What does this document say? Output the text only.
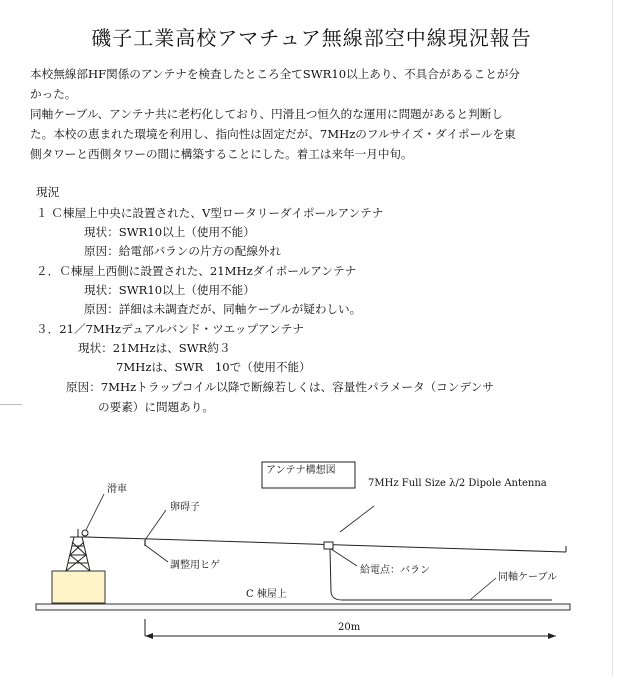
磯子工業高校アマチュア無線部空中線現況報告
本校無線部HF関係のアンテナを検査したところ全てSWR10以上あり、不具合があることが分
かった。
同軸ケーブル、アンテナ共に老朽化しており、円滑且つ恒久的な運用に問題があると判断し
た。本校の恵まれた環境を利用し、指向性は固定だが、7MHzのフルサイズ・ダイポールを東
側タワーと西側タワーの間に構築することにした。着工は来年一月中旬。
現況
１ Ｃ棟屋上中央に設置された、V型ロータリーダイポールアンテナ
現状：SWR10以上（使用不能）
原因：給電部バランの片方の配線外れ
２．Ｃ棟屋上西側に設置された、21MHzダイポールアンテナ
現状：SWR10以上（使用不能）
原因：詳細は未調査だが、同軸ケーブルが疑わしい。
３．21／7MHzデュアルバンド・ツエップアンテナ
現状：21MHzは、SWR約３
7MHzは、SWR　10で（使用不能）
原因：7MHzトラップコイル以降で断線若しくは、容量性パラメータ（コンデンサ
の要素）に問題あり。
アンテナ構想図
7MHz Full Size λ/2 Dipole Antenna
滑車
卵碍子
調整用ヒゲ	給電点：バラン
同軸ケーブル
C 棟屋上
20m
